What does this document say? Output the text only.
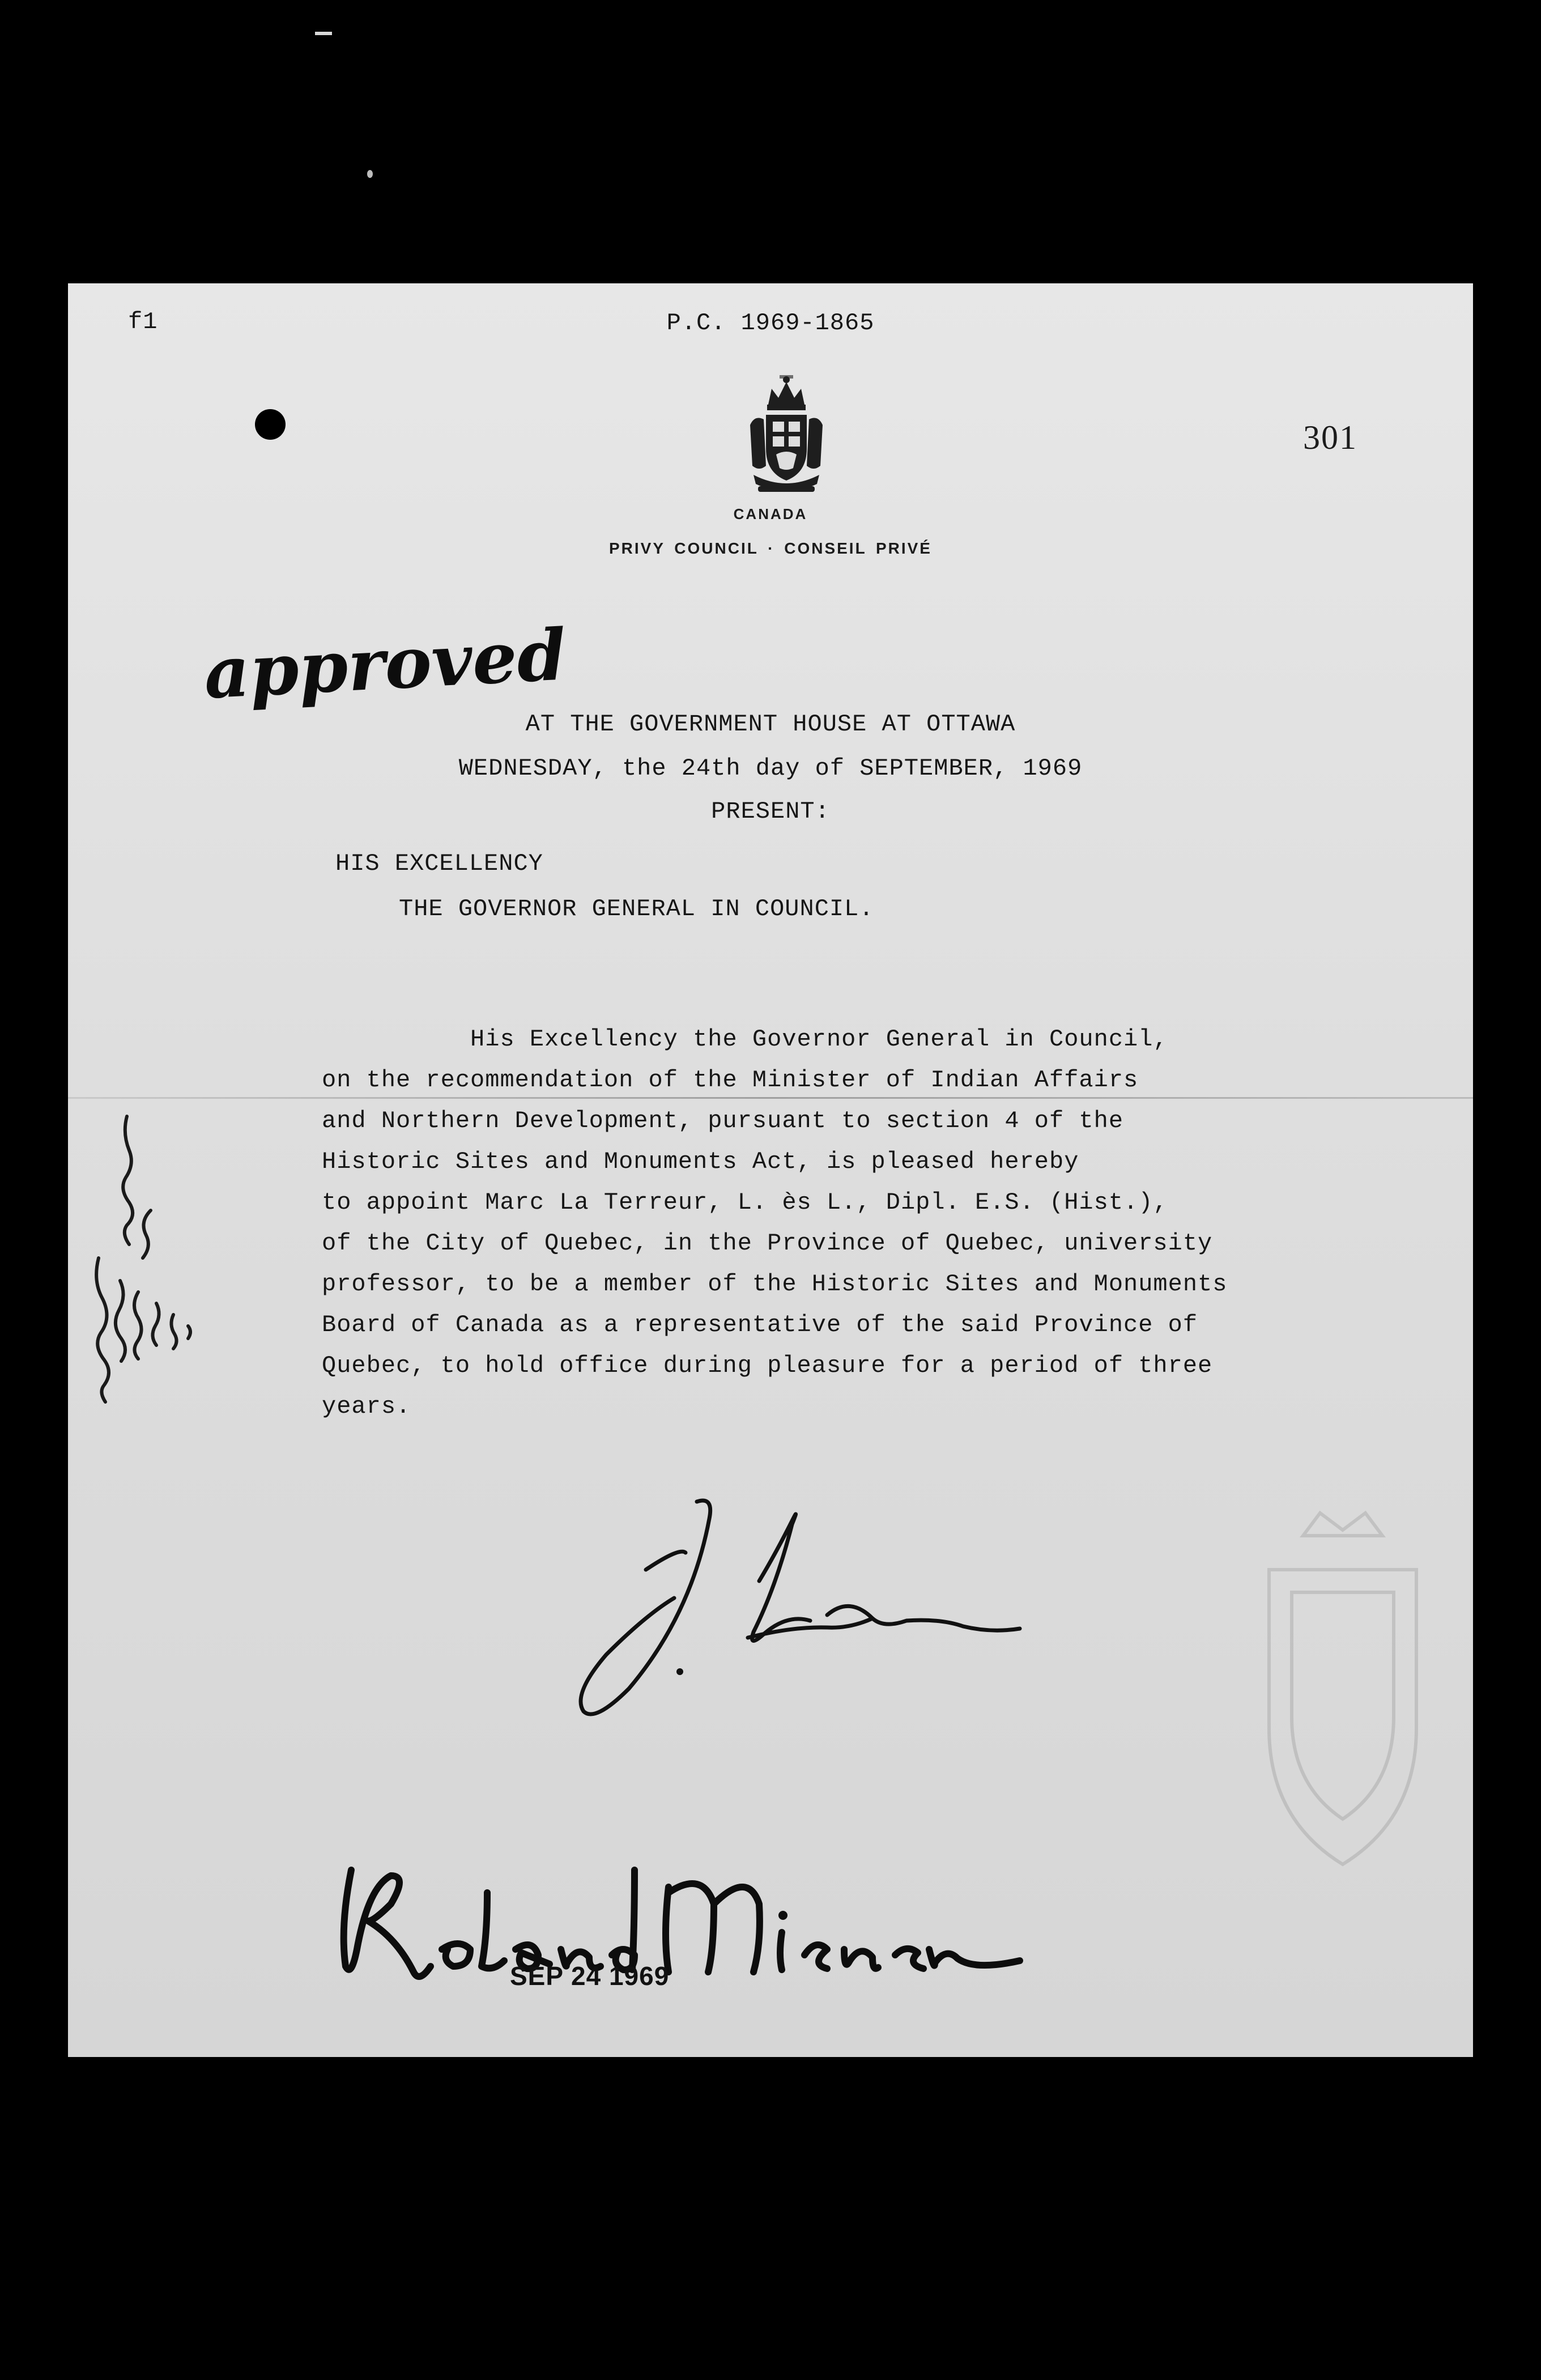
f1	P.C. 1969-1865
301
CANADA
PRIVY COUNCIL · CONSEIL PRIVÉ
AT THE GOVERNMENT HOUSE AT OTTAWA
WEDNESDAY, the 24th day of SEPTEMBER, 1969
PRESENT:
HIS EXCELLENCY
THE GOVERNOR GENERAL IN COUNCIL.
His Excellency the Governor General in Council,
on the recommendation of the Minister of Indian Affairs
and Northern Development, pursuant to section 4 of the
Historic Sites and Monuments Act, is pleased hereby
to appoint Marc La Terreur, L. ès L., Dipl. E.S. (Hist.),
of the City of Quebec, in the Province of Quebec, university
professor, to be a member of the Historic Sites and Monuments
Board of Canada as a representative of the said Province of
Quebec, to hold office during pleasure for a period of three
years.
approved
SEP 24 1969
